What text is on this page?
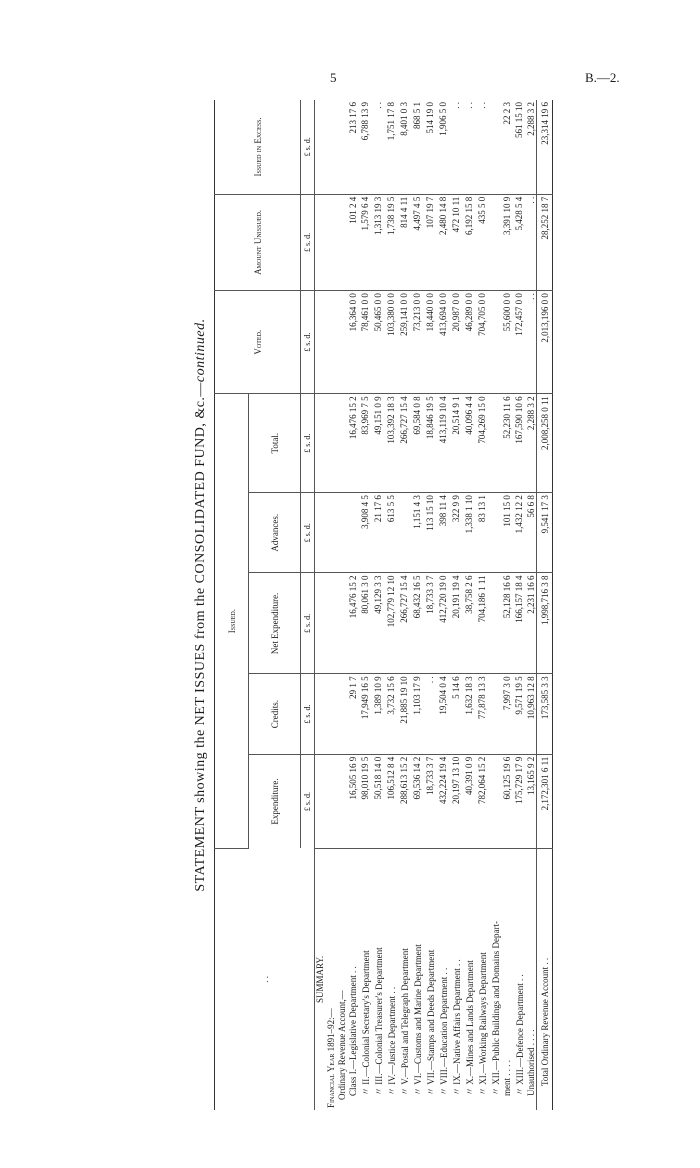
5	B.—2.
STATEMENT showing the NET ISSUES from the CONSOLIDATED FUND, &c.—continued.
. .	Issued.					Voted.	Amount Unissued.	Issued in Excess.
	Expenditure.	Credits.	Net Expenditure.	Advances.	Total.			
	£ s. d.	£ s. d.	£ s. d.	£ s. d.	£ s. d.	£ s. d.	£ s. d.	£ s. d.
SUMMARY.								
Financial Year 1891–92:—								
Ordinary Revenue Account,—								
Class I.—Legislative Department . .	16,505 16 9	29 1 7	16,476 15 2		16,476 15 2	16,364 0 0	101 2 4	213 17 6
〃 II.—Colonial Secretary's Department	98,010 19 5	17,949 16 5	80,061 3 0	3,908 4 5	83,969 7 5	78,461 0 0	1,579 6 4	6,788 13 9
〃 III.—Colonial Treasurer's Department	50,518 14 0	1,389 10 9	49,129 3 3	21 17 6	49,151 0 9	50,465 0 0	1,313 19 3	. .
〃 IV.—Justice Department . .	106,512 8 4	3,732 15 6	102,779 12 10	613 5 5	103,392 18 3	103,380 0 0	1,738 19 5	1,751 17 8
〃 V.—Postal and Telegraph Department	288,613 15 2	21,885 19 10	266,727 15 4		266,727 15 4	259,141 0 0	814 4 11	8,401 0 3
〃 VI.—Customs and Marine Department	69,536 14 2	1,103 17 9	68,432 16 5	1,151 4 3	69,584 0 8	73,213 0 0	4,497 4 5	868 5 1
〃 VII.—Stamps and Deeds Department	18,733 3 7	. .	18,733 3 7	113 15 10	18,846 19 5	18,440 0 0	107 19 7	514 19 0
〃 VIII.—Education Department . .	432,224 19 4	19,504 0 4	412,720 19 0	398 11 4	413,119 10 4	413,694 0 0	2,480 14 8	1,906 5 0
〃 IX.—Native Affairs Department . .	20,197 13 10	5 14 6	20,191 19 4	322 9 9	20,514 9 1	20,987 0 0	472 10 11	. .
〃 X.—Mines and Lands Department	40,391 0 9	1,632 18 3	38,758 2 6	1,338 1 10	40,096 4 4	46,289 0 0	6,192 15 8	. .
〃 XI.—Working Railways Department	782,064 15 2	77,878 13 3	704,186 1 11	83 13 1	704,269 15 0	704,705 0 0	435 5 0	. .
〃 XII.—Public Buildings and Domains Depart-								
ment . . . .	60,125 19 6	7,997 3 0	52,128 16 6	101 15 0	52,230 11 6	55,600 0 0	3,391 10 9	22 2 3
〃 XIII.—Defence Department . .	175,729 17 9	9,571 19 5	166,157 18 4	1,432 12 2	167,590 10 6	172,457 0 0	5,428 5 4	561 15 10
Unauthorised . . . .	13,165 9 2	10,963 12 8	2,231 16 6	56 6 8	2,288 3 2	. .	. .	2,288 3 2
Total Ordinary Revenue Account . .	2,172,301 6 11	173,585 3 3	1,998,716 3 8	9,541 17 3	2,008,258 0 11	2,013,196 0 0	28,252 18 7	23,314 19 6
